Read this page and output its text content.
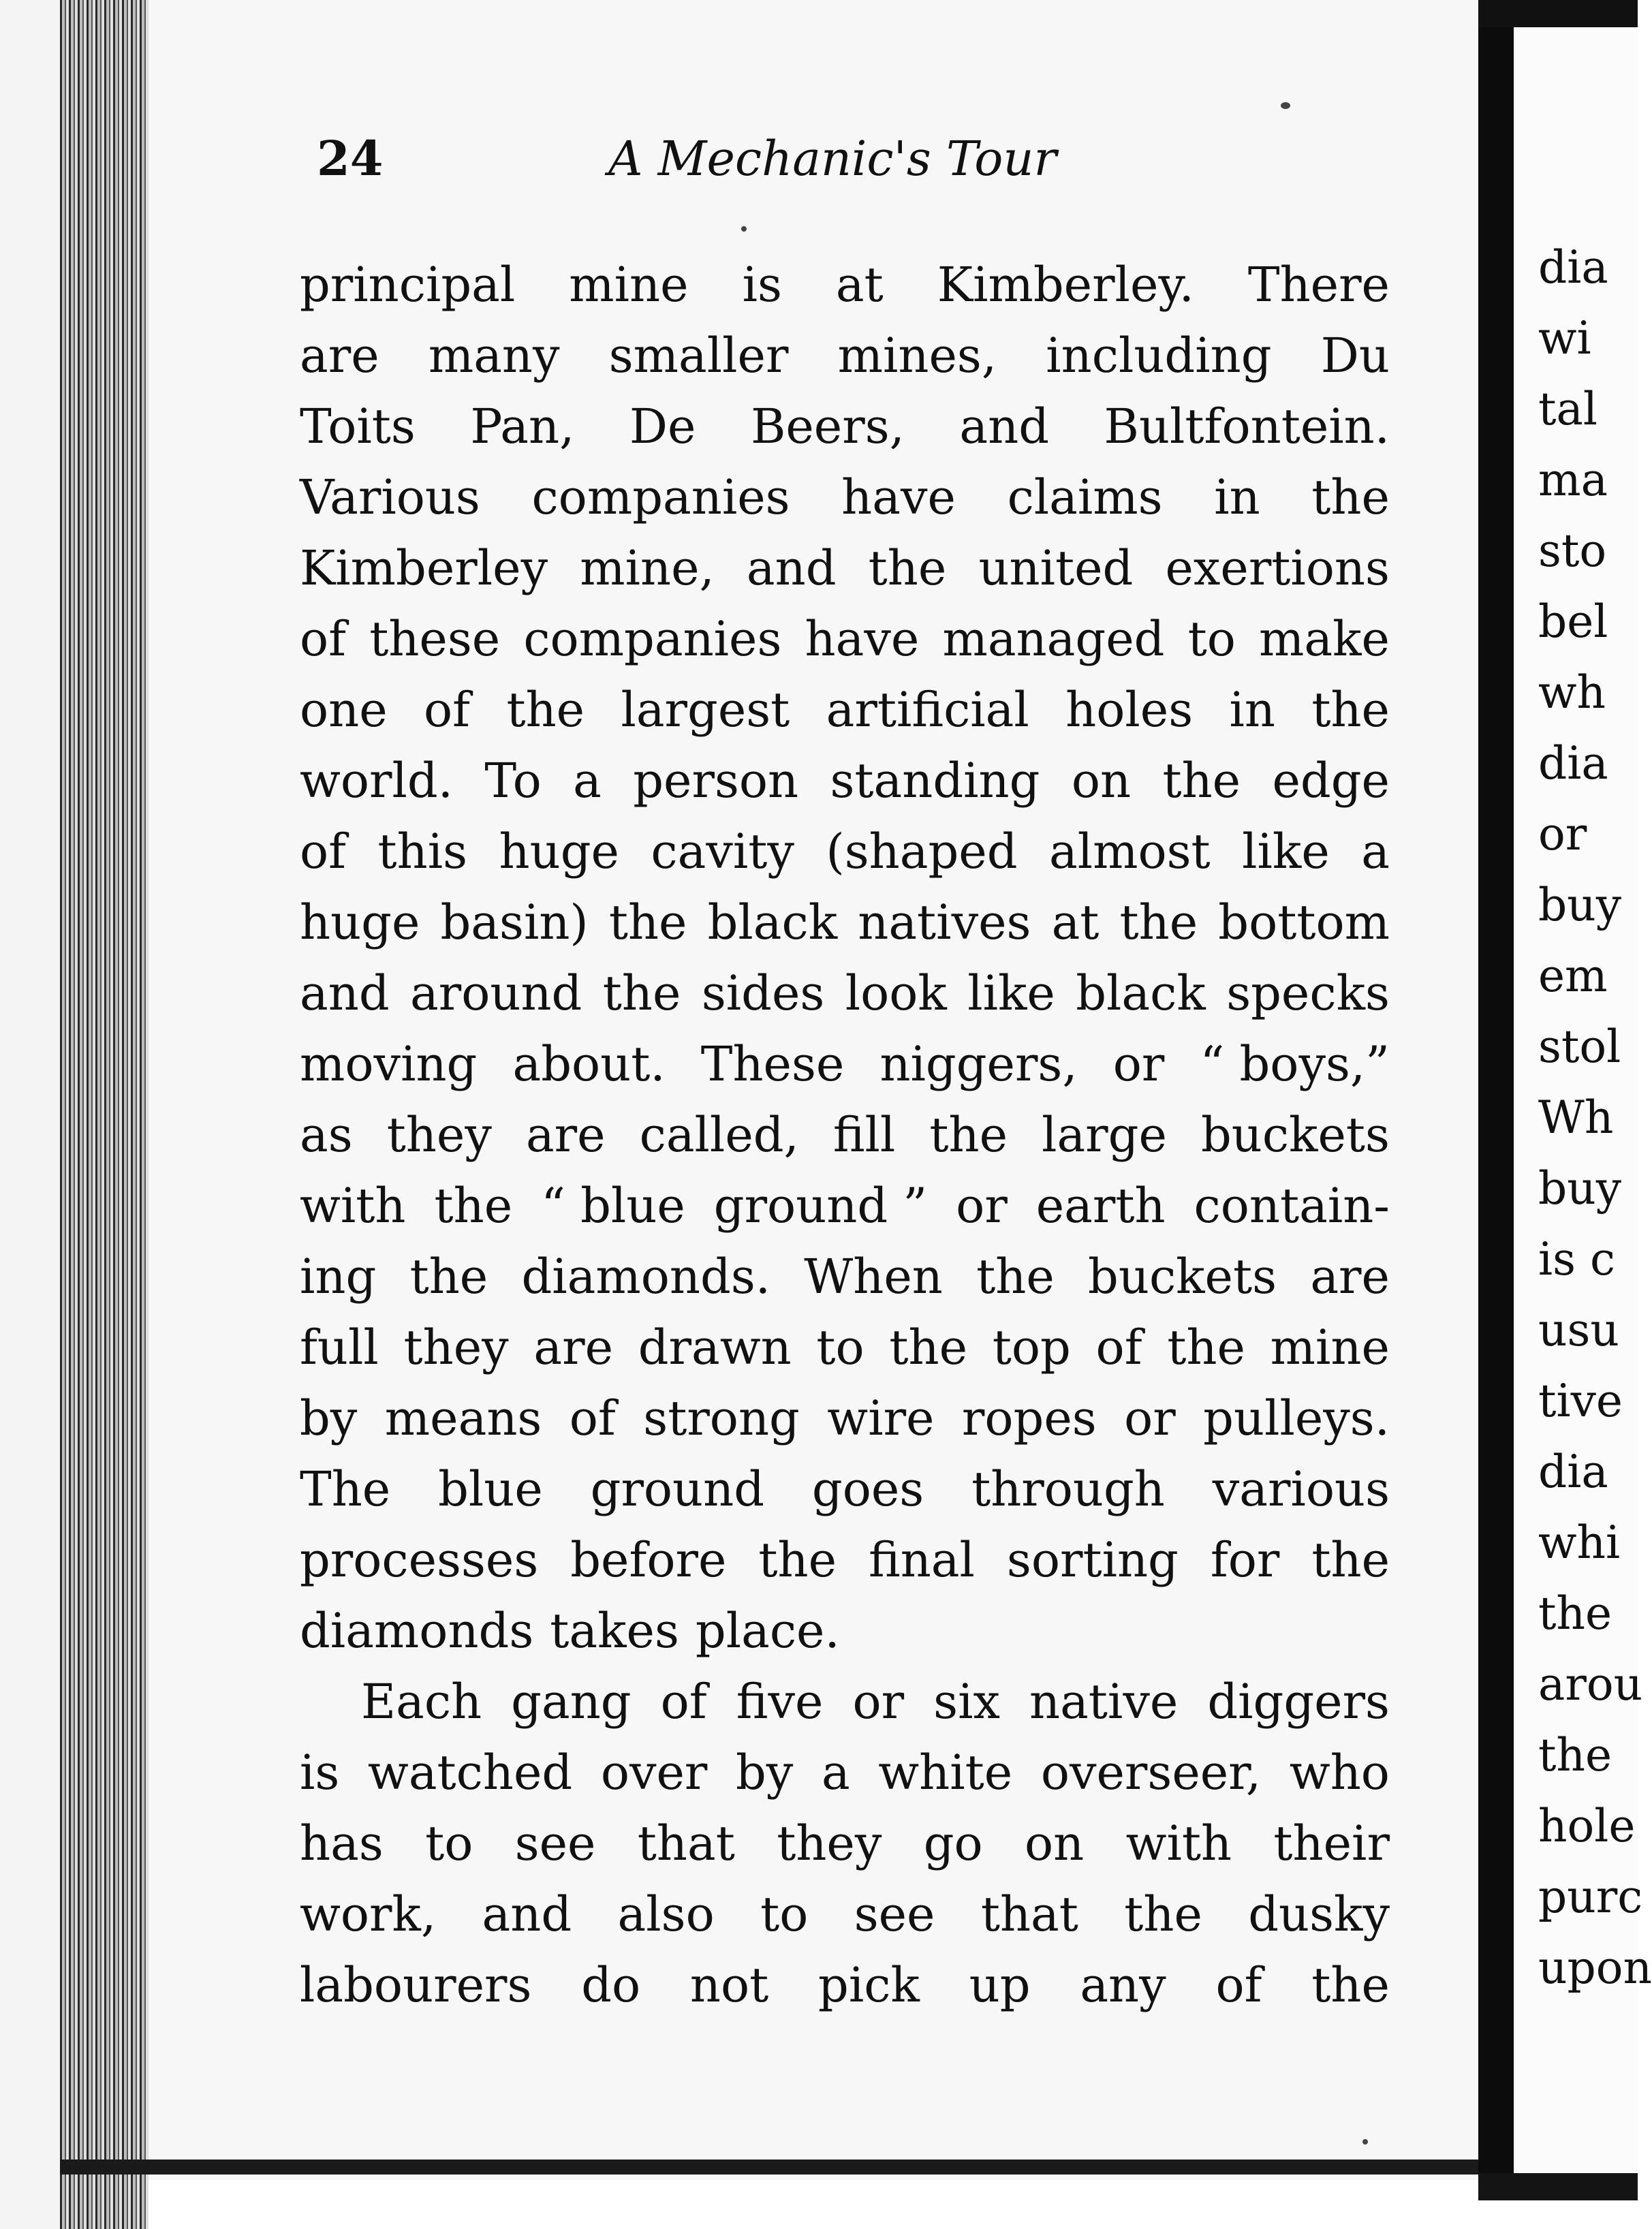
dia
wi
tal
ma
sto
bel
wh
dia
or
buy
em
stol
Wh
buy
is c
usu
tive
dia
whi
the
arou
the
hole
purc
upon
24	A Mechanic's Tour
principal mine is at Kimberley. There
are many smaller mines, including Du
Toits Pan, De Beers, and Bultfontein.
Various companies have claims in the
Kimberley mine, and the united exertions
of these companies have managed to make
one of the largest artificial holes in the
world. To a person standing on the edge
of this huge cavity (shaped almost like a
huge basin) the black natives at the bottom
and around the sides look like black specks
moving about. These niggers, or “ boys,”
as they are called, fill the large buckets
with the “ blue ground ” or earth contain-
ing the diamonds. When the buckets are
full they are drawn to the top of the mine
by means of strong wire ropes or pulleys.
The blue ground goes through various
processes before the final sorting for the
diamonds takes place.
Each gang of five or six native diggers
is watched over by a white overseer, who
has to see that they go on with their
work, and also to see that the dusky
labourers do not pick up any of the
